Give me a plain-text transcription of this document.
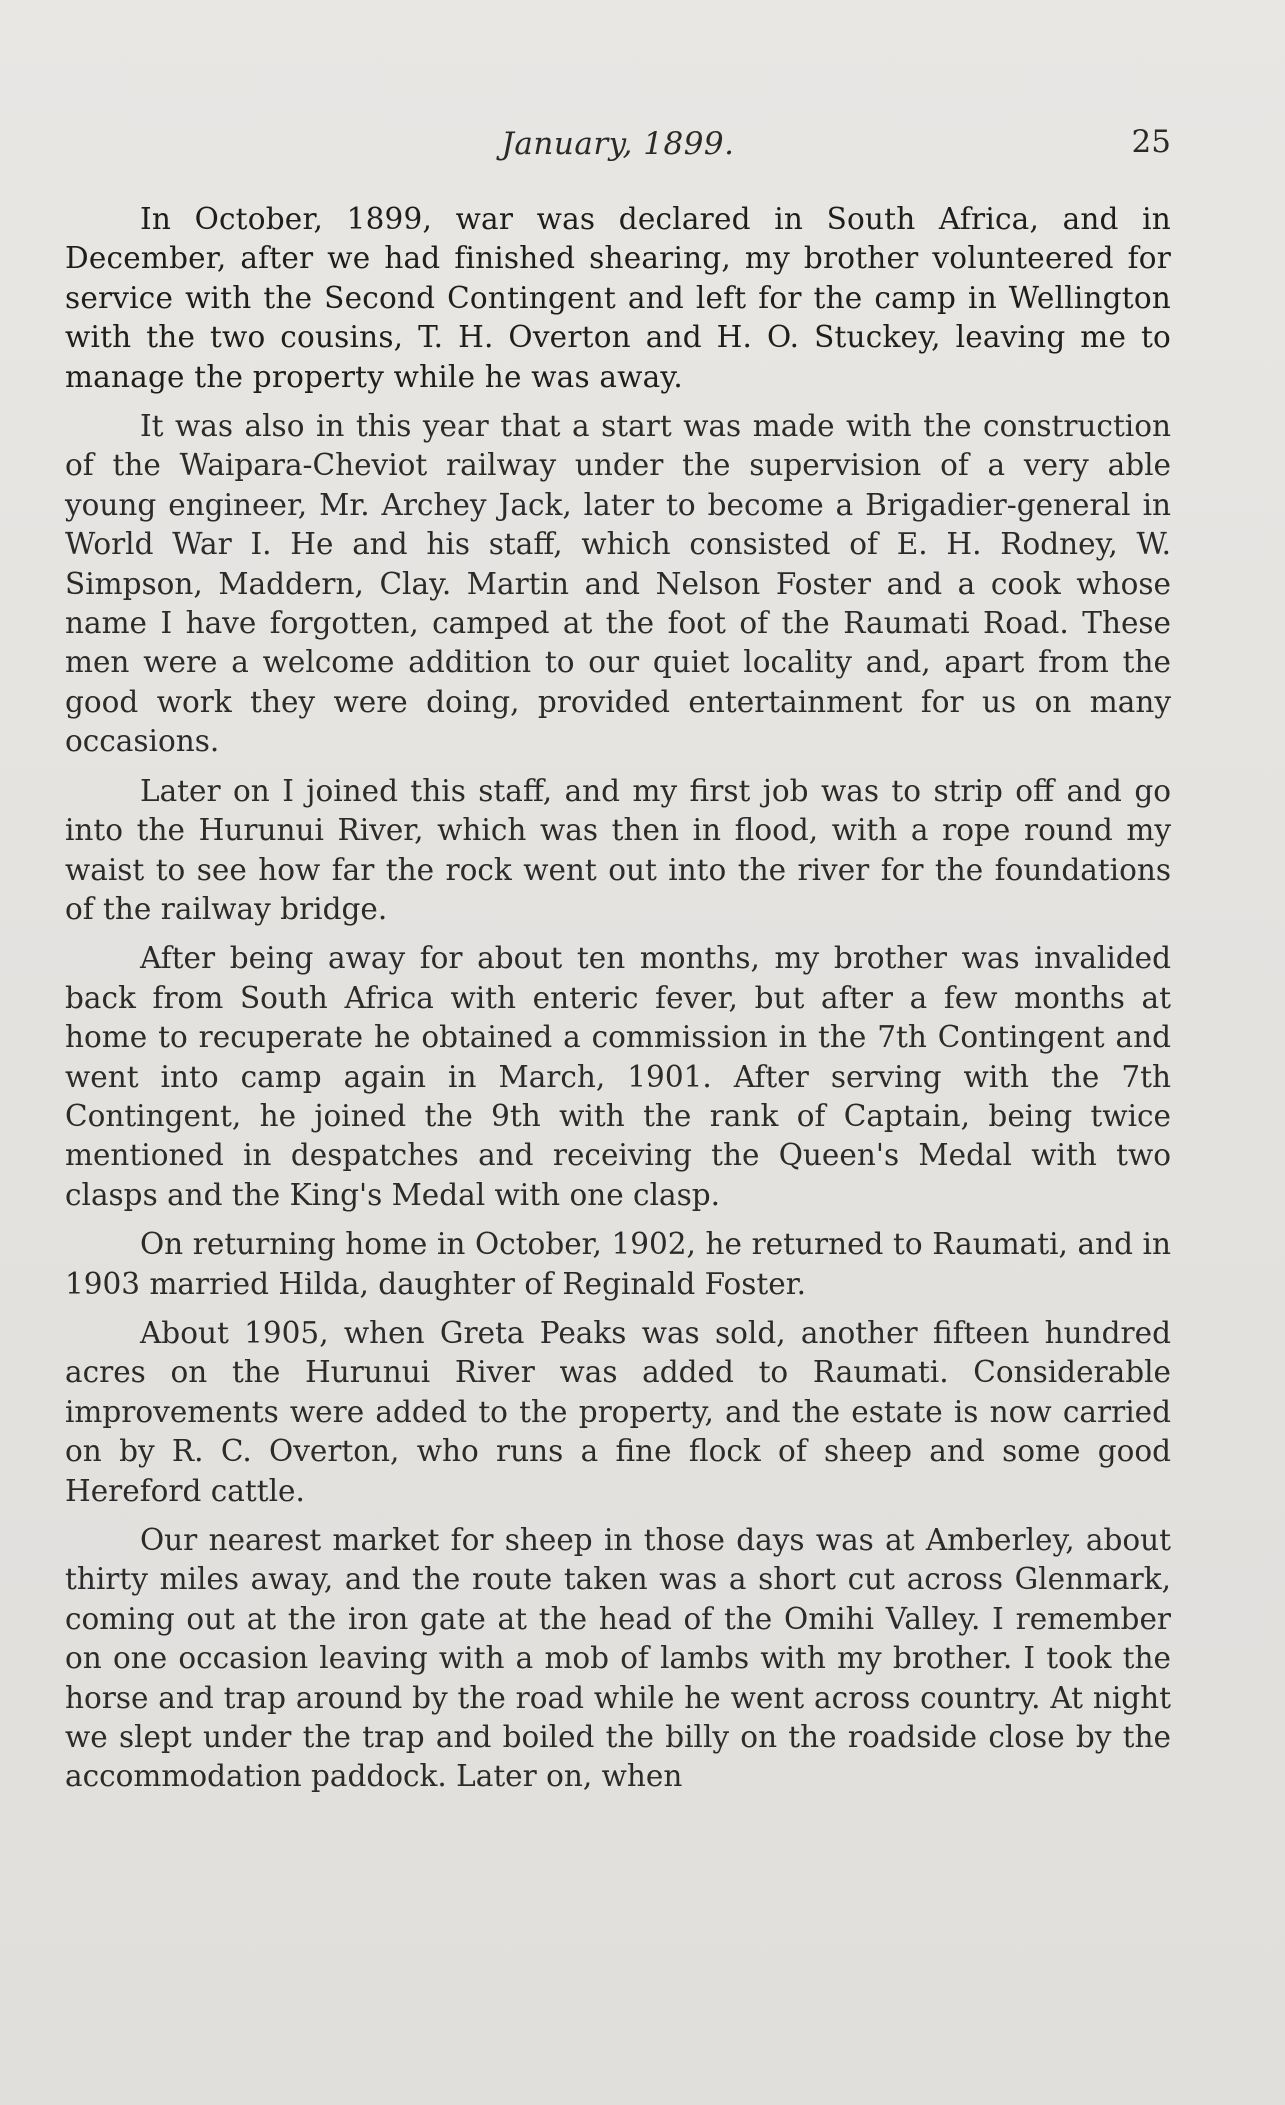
January, 1899.	25

In October, 1899, war was declared in South Africa, and in December, after we had finished shearing, my brother volunteered for service with the Second Contingent and left for the camp in Wellington with the two cousins, T. H. Overton and H. O. Stuckey, leaving me to manage the property while he was away.

It was also in this year that a start was made with the construction of the Waipara-Cheviot railway under the supervision of a very able young engineer, Mr. Archey Jack, later to become a Brigadier-general in World War I. He and his staff, which consisted of E. H. Rodney, W. Simpson, Maddern, Clay. Martin and Nelson Foster and a cook whose name I have forgotten, camped at the foot of the Raumati Road. These men were a welcome addition to our quiet locality and, apart from the good work they were doing, provided entertainment for us on many occasions.

Later on I joined this staff, and my first job was to strip off and go into the Hurunui River, which was then in flood, with a rope round my waist to see how far the rock went out into the river for the foundations of the railway bridge.

After being away for about ten months, my brother was invalided back from South Africa with enteric fever, but after a few months at home to recuperate he obtained a commission in the 7th Contingent and went into camp again in March, 1901. After serving with the 7th Contingent, he joined the 9th with the rank of Captain, being twice mentioned in despatches and receiving the Queen's Medal with two clasps and the King's Medal with one clasp.

On returning home in October, 1902, he returned to Raumati, and in 1903 married Hilda, daughter of Reginald Foster.

About 1905, when Greta Peaks was sold, another fifteen hundred acres on the Hurunui River was added to Raumati. Considerable improvements were added to the property, and the estate is now carried on by R. C. Overton, who runs a fine flock of sheep and some good Hereford cattle.

Our nearest market for sheep in those days was at Amberley, about thirty miles away, and the route taken was a short cut across Glenmark, coming out at the iron gate at the head of the Omihi Valley. I remember on one occasion leaving with a mob of lambs with my brother. I took the horse and trap around by the road while he went across country. At night we slept under the trap and boiled the billy on the roadside close by the accommodation paddock. Later on, when
